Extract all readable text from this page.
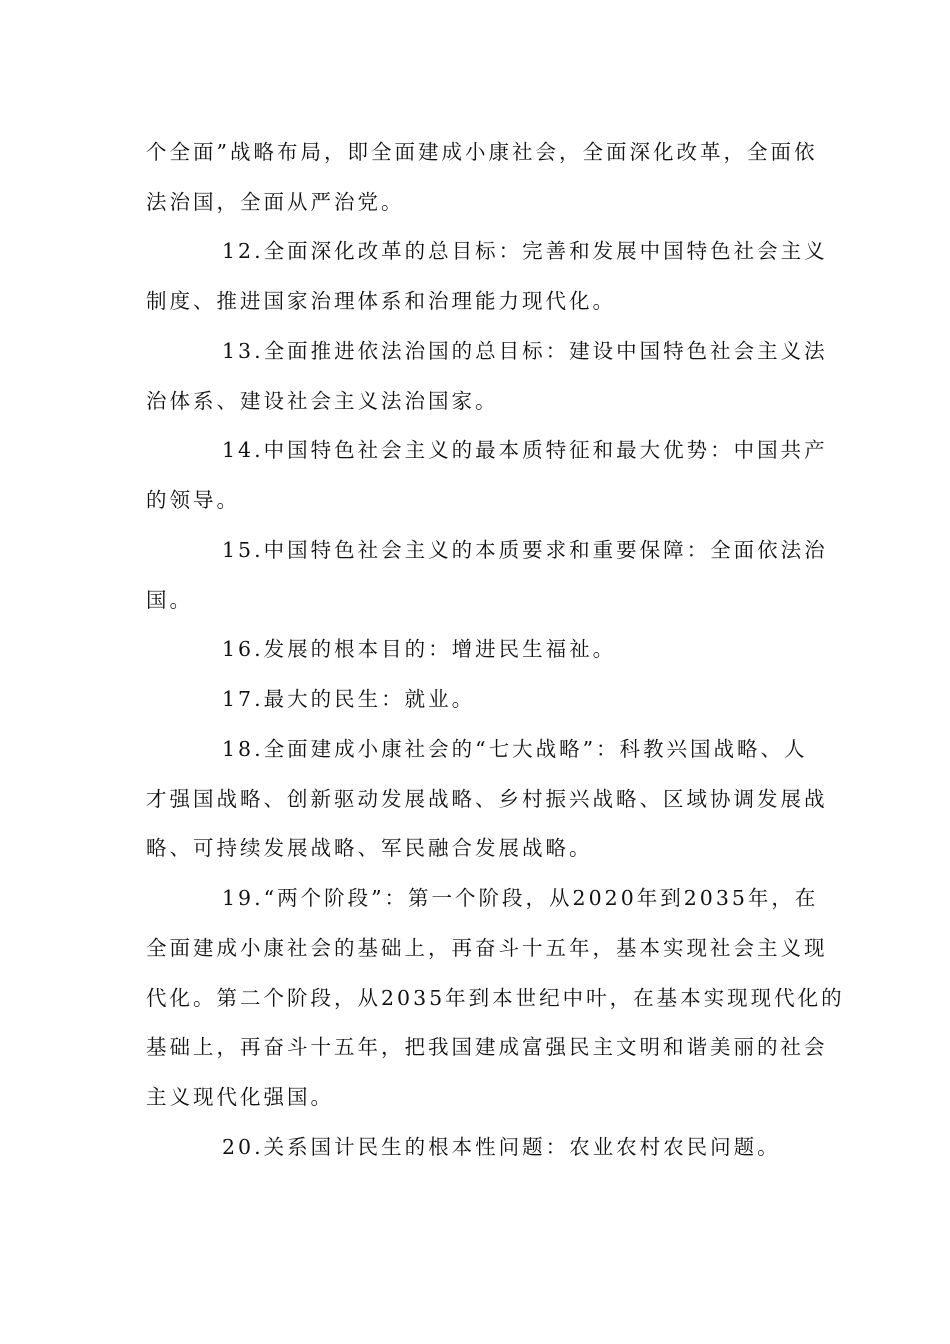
个全面”战略布局，即全面建成小康社会，全面深化改革，全面依
法治国，全面从严治党。
12.全面深化改革的总目标：完善和发展中国特色社会主义
制度、推进国家治理体系和治理能力现代化。
13.全面推进依法治国的总目标：建设中国特色社会主义法
治体系、建设社会主义法治国家。
14.中国特色社会主义的最本质特征和最大优势：中国共产
的领导。
15.中国特色社会主义的本质要求和重要保障：全面依法治
国。
16.发展的根本目的：增进民生福祉。
17.最大的民生：就业。
18.全面建成小康社会的“七大战略”：科教兴国战略、人
才强国战略、创新驱动发展战略、乡村振兴战略、区域协调发展战
略、可持续发展战略、军民融合发展战略。
19.“两个阶段”：第一个阶段，从2020年到2035年，在
全面建成小康社会的基础上，再奋斗十五年，基本实现社会主义现
代化。第二个阶段，从2035年到本世纪中叶，在基本实现现代化的
基础上，再奋斗十五年，把我国建成富强民主文明和谐美丽的社会
主义现代化强国。
20.关系国计民生的根本性问题：农业农村农民问题。
